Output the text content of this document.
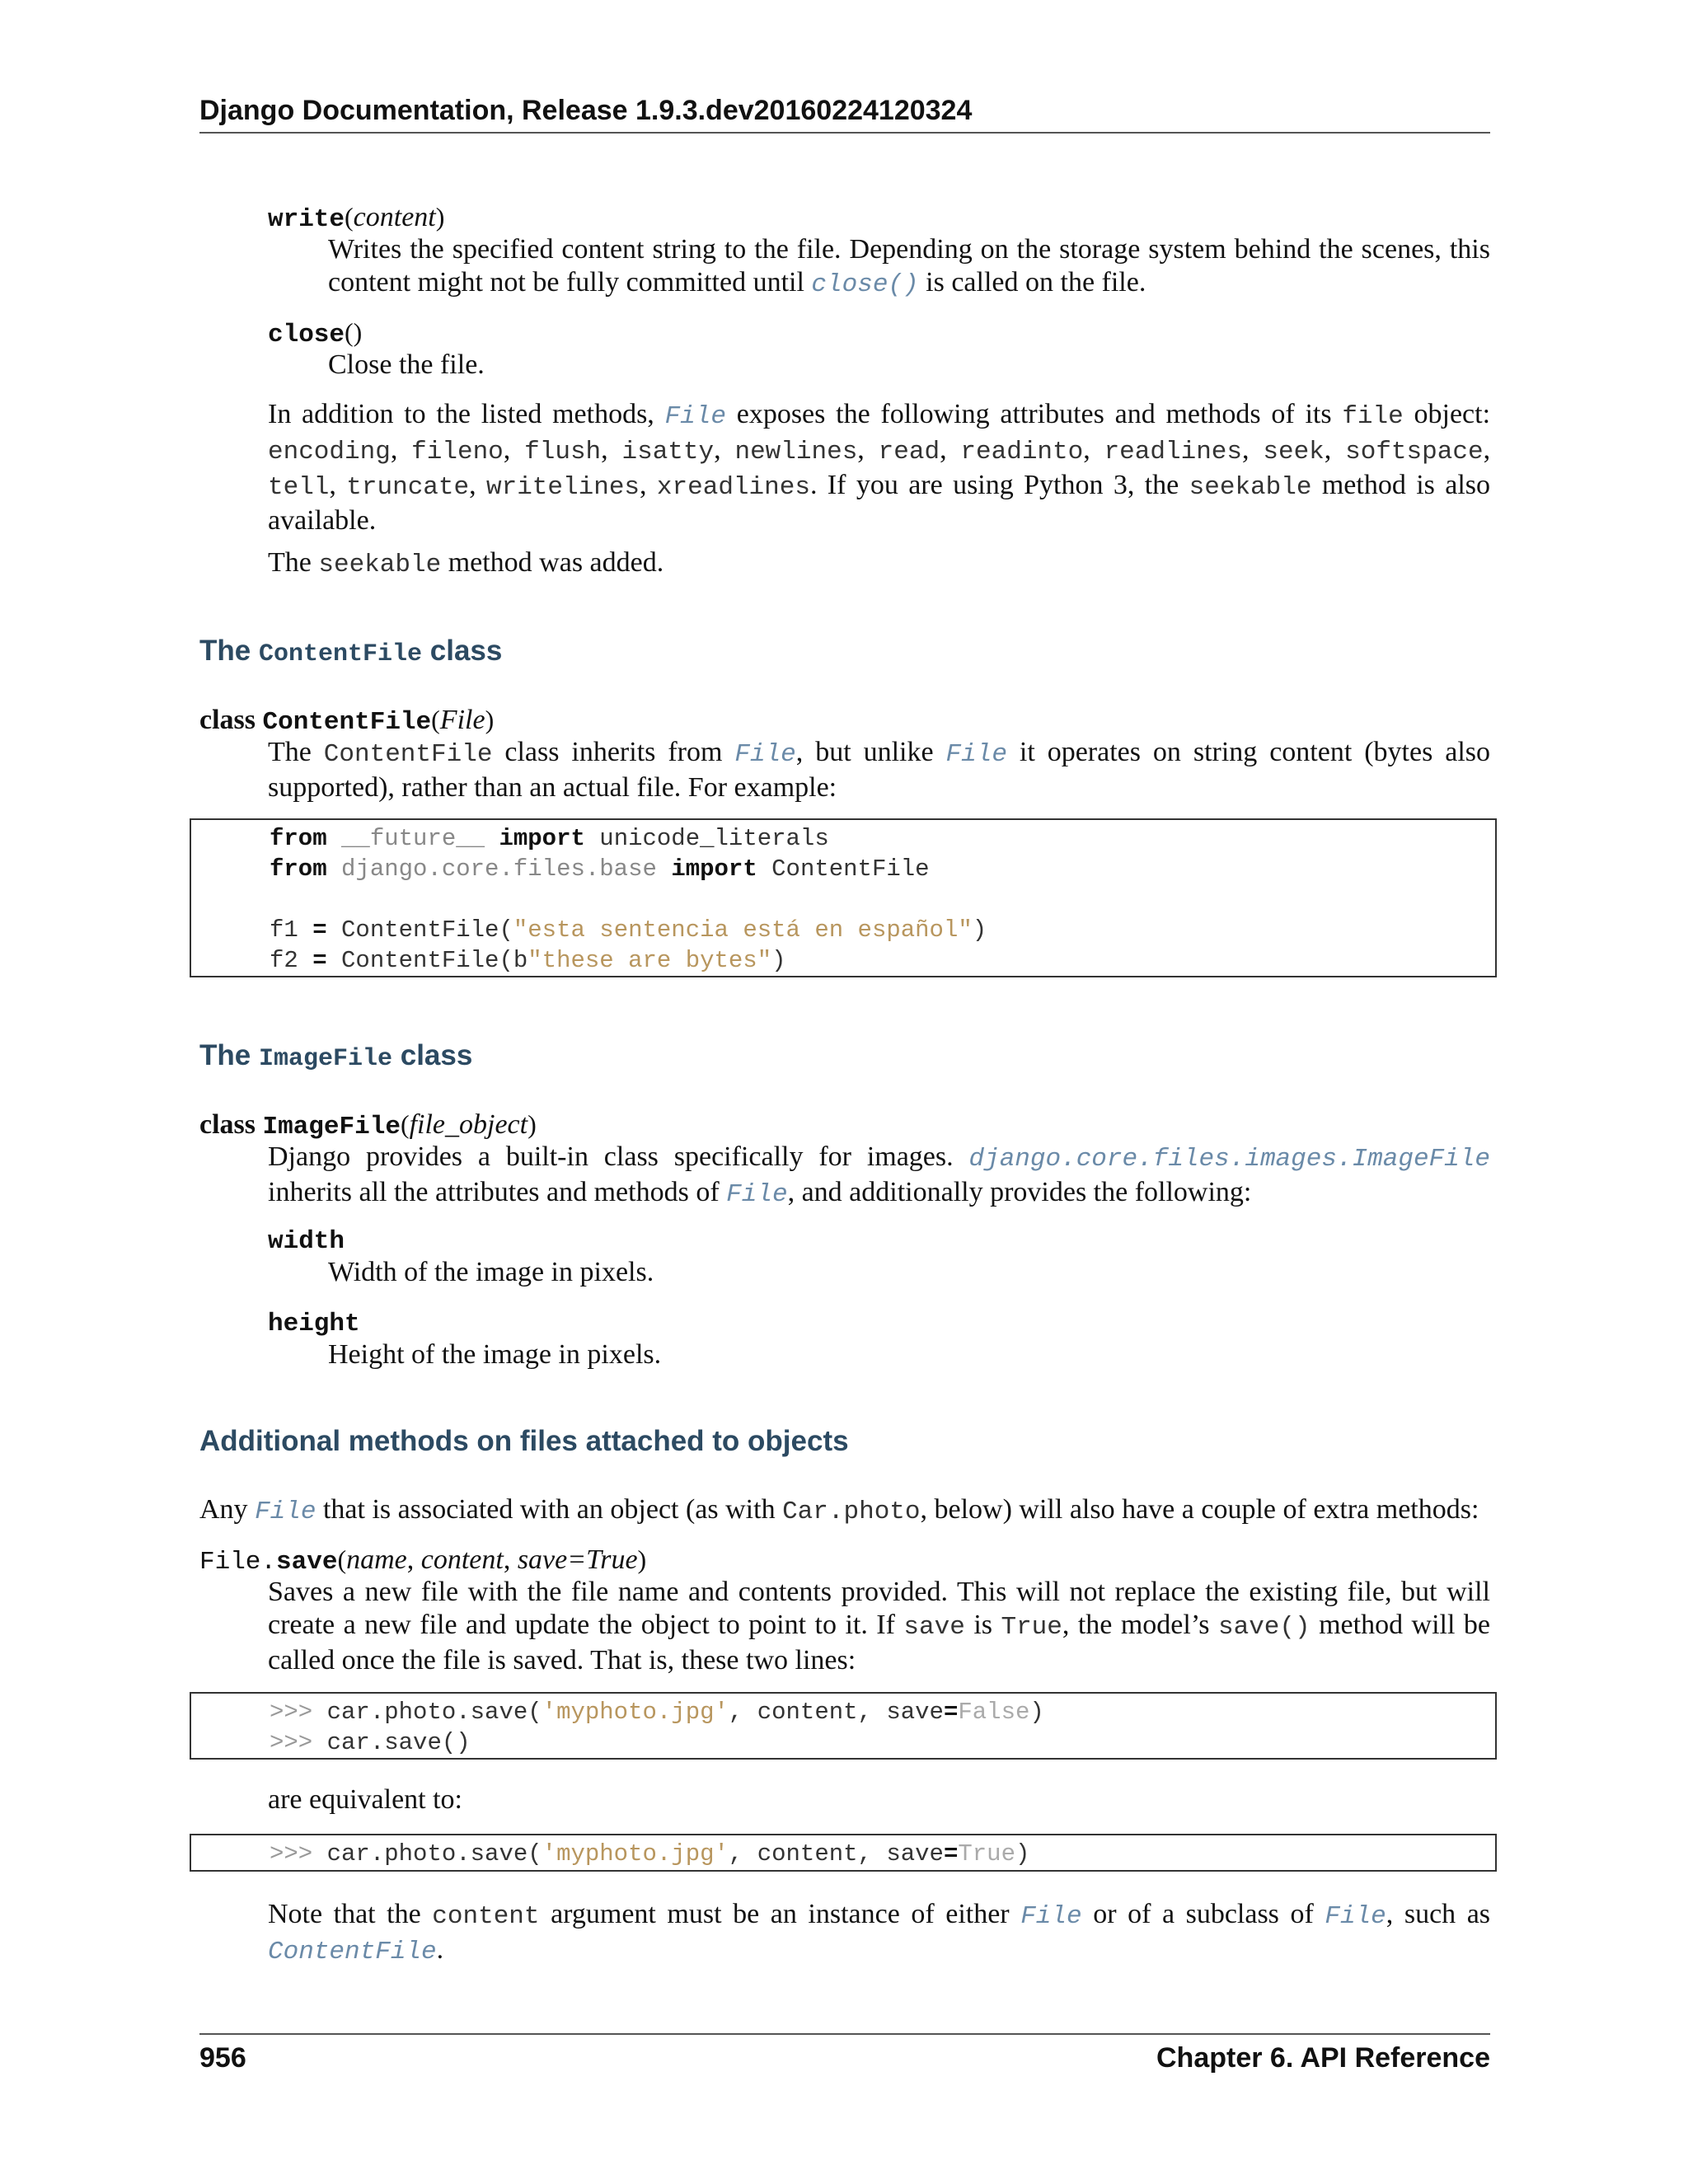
Django Documentation, Release 1.9.3.dev20160224120324
write(content)
Writes the specified content string to the file. Depending on the storage system behind the scenes, this content might not be fully committed until close() is called on the file.
close()
Close the file.
In addition to the listed methods, File exposes the following attributes and methods of its file object: encoding, fileno, flush, isatty, newlines, read, readinto, readlines, seek, softspace, tell, truncate, writelines, xreadlines. If you are using Python 3, the seekable method is also available.
The seekable method was added.
The ContentFile class
class ContentFile(File)
The ContentFile class inherits from File, but unlike File it operates on string content (bytes also supported), rather than an actual file. For example:
from __future__ import unicode_literals
from django.core.files.base import ContentFile
f1 = ContentFile("esta sentencia está en español")
f2 = ContentFile(b"these are bytes")
The ImageFile class
class ImageFile(file_object)
Django provides a built-in class specifically for images. django.core.files.images.ImageFile inherits all the attributes and methods of File, and additionally provides the following:
width
Width of the image in pixels.
height
Height of the image in pixels.
Additional methods on files attached to objects
Any File that is associated with an object (as with Car.photo, below) will also have a couple of extra methods:
File.save(name, content, save=True)
Saves a new file with the file name and contents provided. This will not replace the existing file, but will create a new file and update the object to point to it. If save is True, the model’s save() method will be called once the file is saved. That is, these two lines:
>>> car.photo.save('myphoto.jpg', content, save=False)
>>> car.save()
are equivalent to:
>>> car.photo.save('myphoto.jpg', content, save=True)
Note that the content argument must be an instance of either File or of a subclass of File, such as ContentFile.
956	Chapter 6. API Reference
